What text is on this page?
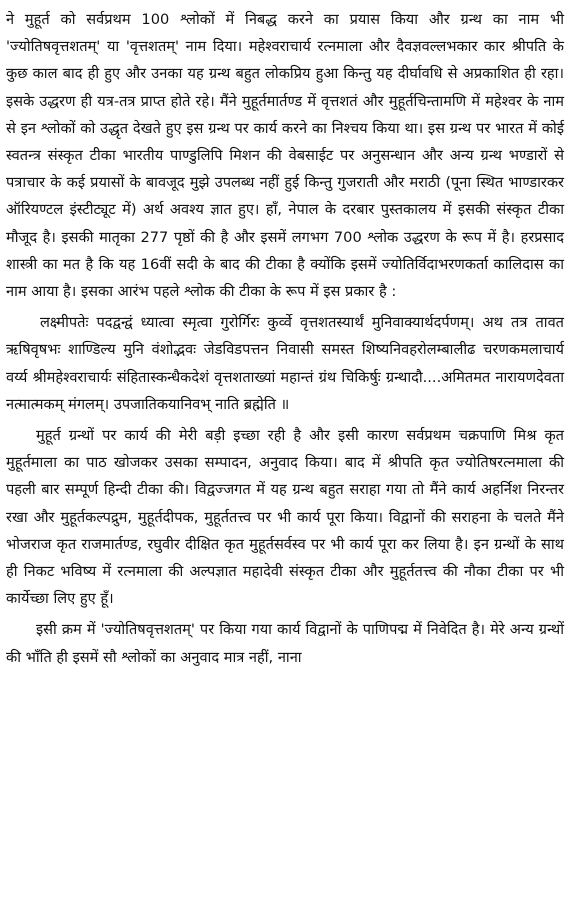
ने मुहूर्त को सर्वप्रथम 100 श्लोकों में निबद्ध करने का प्रयास किया और ग्रन्थ का नाम भी 'ज्योतिषवृत्तशतम्' या 'वृत्तशतम्' नाम दिया। महेश्वराचार्य रत्नमाला और दैवज्ञवल्लभकार कार श्रीपति के कुछ काल बाद ही हुए और उनका यह ग्रन्थ बहुत लोकप्रिय हुआ किन्तु यह दीर्घावधि से अप्रकाशित ही रहा। इसके उद्धरण ही यत्र-तत्र प्राप्त होते रहे। मैंने मुहूर्तमार्तण्ड में वृत्तशतं और मुहूर्तचिन्तामणि में महेश्वर के नाम से इन श्लोकों को उद्धृत देखते हुए इस ग्रन्थ पर कार्य करने का निश्चय किया था। इस ग्रन्थ पर भारत में कोई स्वतन्त्र संस्कृत टीका भारतीय पाण्डुलिपि मिशन की वेबसाईट पर अनुसन्धान और अन्य ग्रन्थ भण्डारों से पत्राचार के कई प्रयासों के बावजूद मुझे उपलब्ध नहीं हुई किन्तु गुजराती और मराठी (पूना स्थित भाण्डारकर ऑरियण्टल इंस्टीट्यूट में) अर्थ अवश्य ज्ञात हुए। हाँ, नेपाल के दरबार पुस्तकालय में इसकी संस्कृत टीका मौजूद है। इसकी मातृका 277 पृष्ठों की है और इसमें लगभग 700 श्लोक उद्धरण के रूप में है। हरप्रसाद शास्त्री का मत है कि यह 16वीं सदी के बाद की टीका है क्योंकि इसमें ज्योतिर्विदाभरणकर्ता कालिदास का नाम आया है। इसका आरंभ पहले श्लोक की टीका के रूप में इस प्रकार है :

लक्ष्मीपतेः पदद्वन्द्वं ध्यात्वा स्मृत्वा गुरोर्गिरः कुर्व्वे वृत्तशतस्यार्थं मुनिवाक्यार्थदर्पणम्। अथ तत्र तावत ऋषिवृषभः शाण्डिल्य मुनि वंशोद्भवः जेडविडपत्तन निवासी समस्त शिष्यनिवहरोलम्बालीढ चरणकमलाचार्य वर्य्य श्रीमहेश्वराचार्यः संहितास्कन्धैकदेशं वृत्तशताख्यां महान्तं ग्रंथ चिकिर्षुः ग्रन्थादौ....अमितमत नारायणदेवता नत्मात्मकम् मंगलम्। उपजातिकयानिवभ् नाति ब्रह्मेति ॥

मुहूर्त ग्रन्थों पर कार्य की मेरी बड़ी इच्छा रही है और इसी कारण सर्वप्रथम चक्रपाणि मिश्र कृत मुहूर्तमाला का पाठ खोजकर उसका सम्पादन, अनुवाद किया। बाद में श्रीपति कृत ज्योतिषरत्नमाला की पहली बार सम्पूर्ण हिन्दी टीका की। विद्वज्जगत में यह ग्रन्थ बहुत सराहा गया तो मैंने कार्य अहर्निश निरन्तर रखा और मुहूर्तकल्पद्रुम, मुहूर्तदीपक, मुहूर्ततत्त्व पर भी कार्य पूरा किया। विद्वानों की सराहना के चलते मैंने भोजराज कृत राजमार्तण्ड, रघुवीर दीक्षित कृत मुहूर्तसर्वस्व पर भी कार्य पूरा कर लिया है। इन ग्रन्थों के साथ ही निकट भविष्य में रत्नमाला की अल्पज्ञात महादेवी संस्कृत टीका और मुहूर्ततत्त्व की नौका टीका पर भी कार्येच्छा लिए हुए हूँ।

इसी क्रम में 'ज्योतिषवृत्तशतम्' पर किया गया कार्य विद्वानों के पाणिपद्म में निवेदित है। मेरे अन्य ग्रन्थों की भाँति ही इसमें सौ श्लोकों का अनुवाद मात्र नहीं, नाना
